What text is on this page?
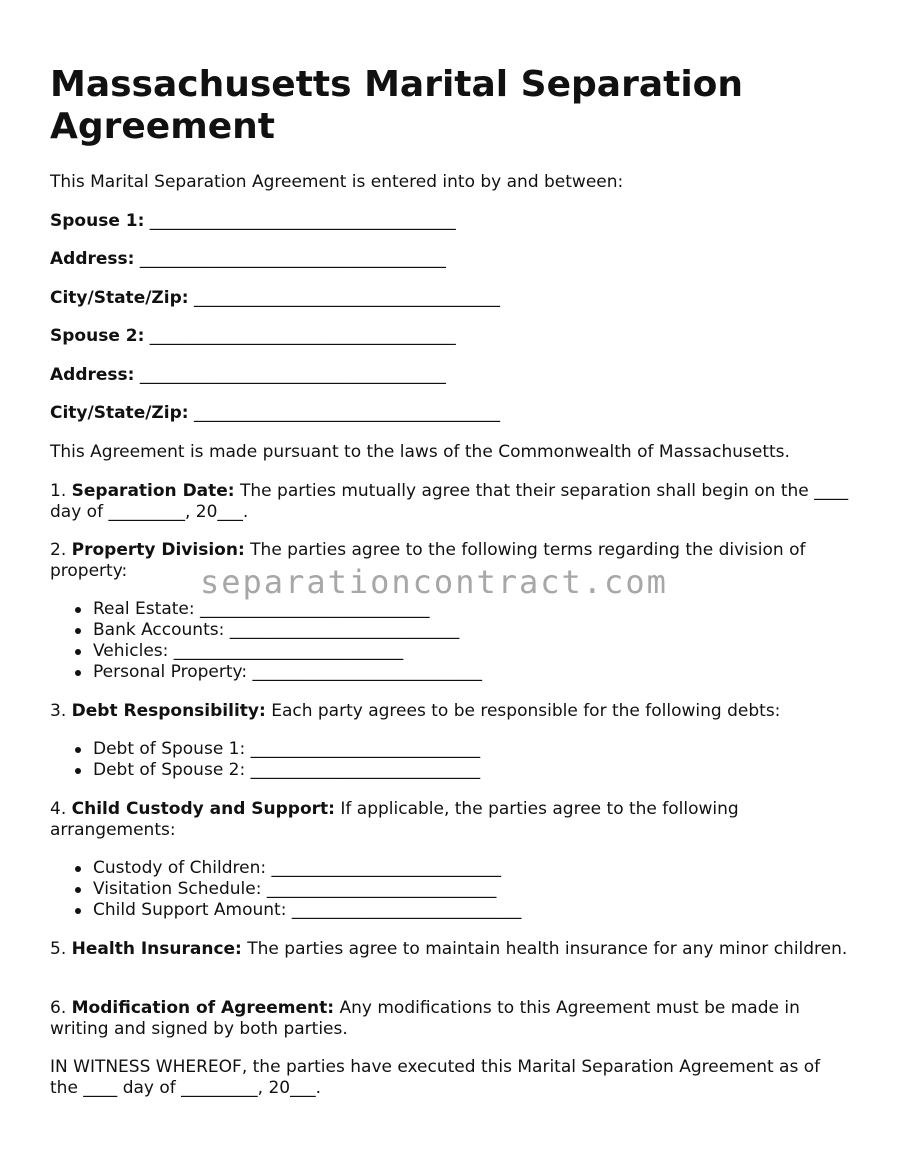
Massachusetts Marital Separation Agreement
This Marital Separation Agreement is entered into by and between:
Spouse 1: ____________________________________
Address: ____________________________________
City/State/Zip: ____________________________________
Spouse 2: ____________________________________
Address: ____________________________________
City/State/Zip: ____________________________________
This Agreement is made pursuant to the laws of the Commonwealth of Massachusetts.
1. Separation Date: The parties mutually agree that their separation shall begin on the ____ day of _________, 20___.
2. Property Division: The parties agree to the following terms regarding the division of property:
Real Estate: ___________________________
Bank Accounts: ___________________________
Vehicles: ___________________________
Personal Property: ___________________________
3. Debt Responsibility: Each party agrees to be responsible for the following debts:
Debt of Spouse 1: ___________________________
Debt of Spouse 2: ___________________________
4. Child Custody and Support: If applicable, the parties agree to the following arrangements:
Custody of Children: ___________________________
Visitation Schedule: ___________________________
Child Support Amount: ___________________________
5. Health Insurance: The parties agree to maintain health insurance for any minor children.
6. Modification of Agreement: Any modifications to this Agreement must be made in writing and signed by both parties.
IN WITNESS WHEREOF, the parties have executed this Marital Separation Agreement as of the ____ day of _________, 20___.
separationcontract.com
